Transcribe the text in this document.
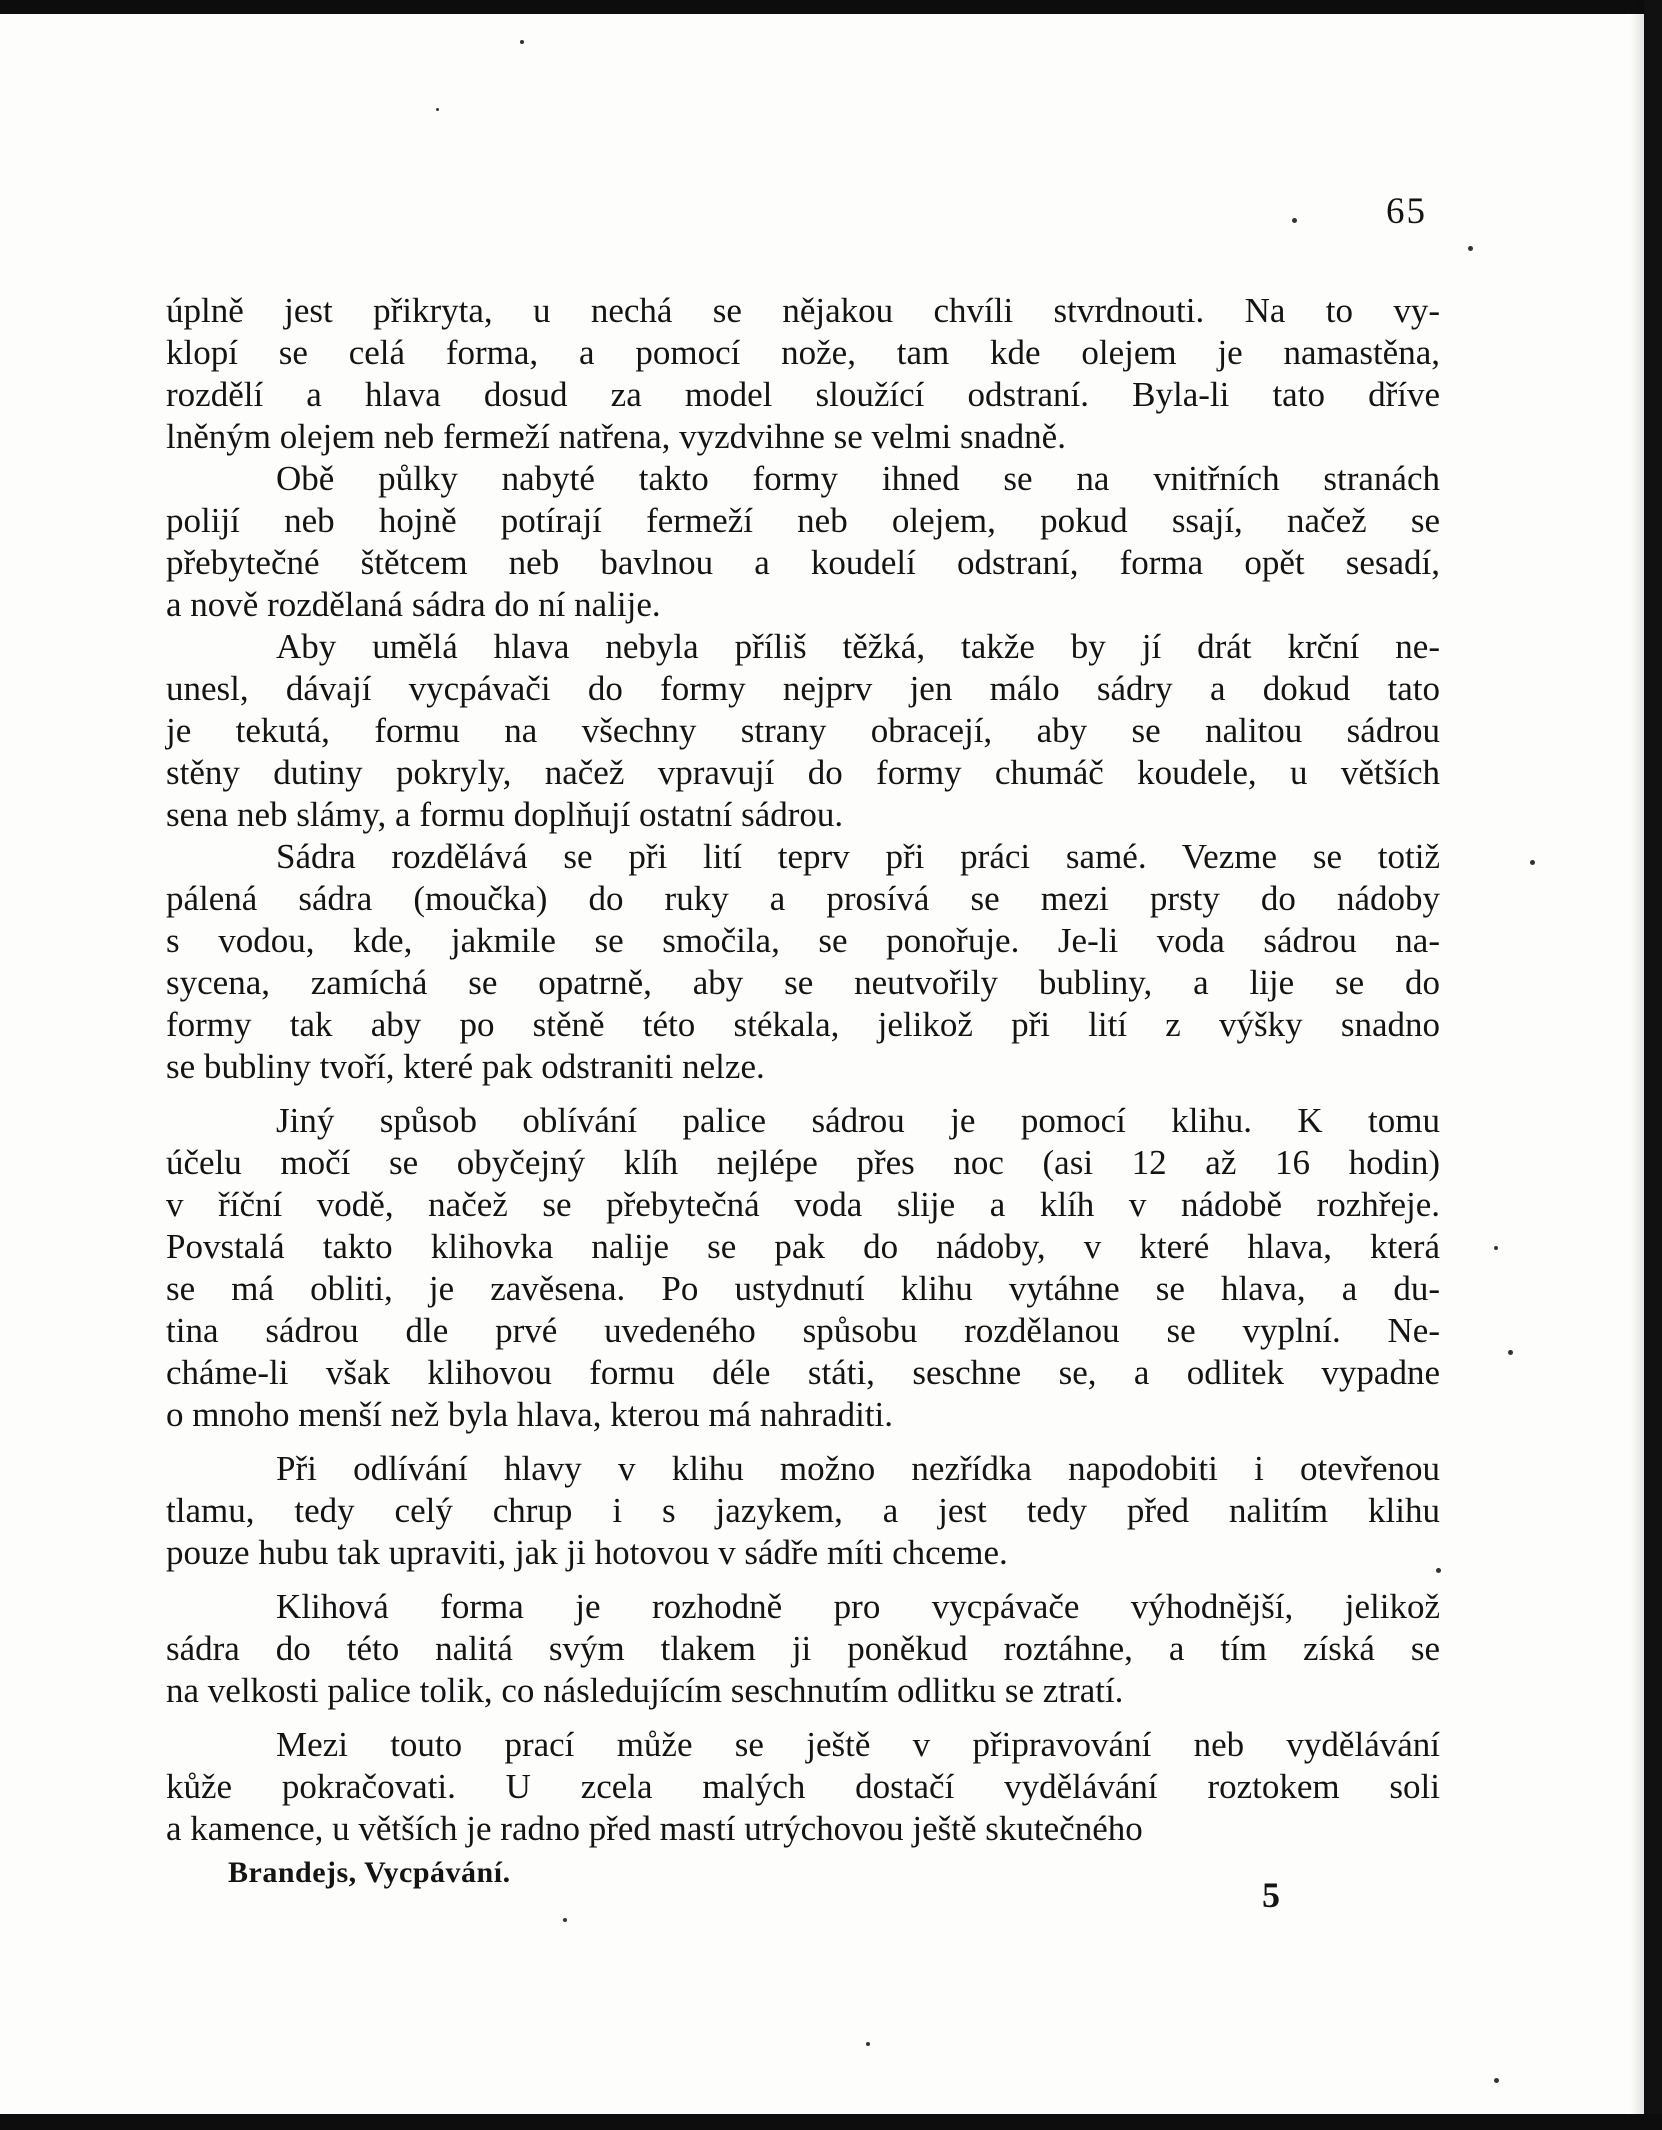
65
úplně jest přikryta, u nechá se nějakou chvíli stvrdnouti. Na to vy-
klopí se celá forma, a pomocí nože, tam kde olejem je namastěna,
rozdělí a hlava dosud za model sloužící odstraní. Byla-li tato dříve
lněným olejem neb fermeží natřena, vyzdvihne se velmi snadně.
Obě půlky nabyté takto formy ihned se na vnitřních stranách
polijí neb hojně potírají fermeží neb olejem, pokud ssají, načež se
přebytečné štětcem neb bavlnou a koudelí odstraní, forma opět sesadí,
a nově rozdělaná sádra do ní nalije.
Aby umělá hlava nebyla příliš těžká, takže by jí drát krční ne-
unesl, dávají vycpávači do formy nejprv jen málo sádry a dokud tato
je tekutá, formu na všechny strany obracejí, aby se nalitou sádrou
stěny dutiny pokryly, načež vpravují do formy chumáč koudele, u větších
sena neb slámy, a formu doplňují ostatní sádrou.
Sádra rozdělává se při lití teprv při práci samé. Vezme se totiž
pálená sádra (moučka) do ruky a prosívá se mezi prsty do nádoby
s vodou, kde, jakmile se smočila, se ponořuje. Je-li voda sádrou na-
sycena, zamíchá se opatrně, aby se neutvořily bubliny, a lije se do
formy tak aby po stěně této stékala, jelikož při lití z výšky snadno
se bubliny tvoří, které pak odstraniti nelze.
Jiný spůsob oblívání palice sádrou je pomocí klihu. K tomu
účelu močí se obyčejný klíh nejlépe přes noc (asi 12 až 16 hodin)
v říční vodě, načež se přebytečná voda slije a klíh v nádobě rozhřeje.
Povstalá takto klihovka nalije se pak do nádoby, v které hlava, která
se má obliti, je zavěsena. Po ustydnutí klihu vytáhne se hlava, a du-
tina sádrou dle prvé uvedeného spůsobu rozdělanou se vyplní. Ne-
cháme-li však klihovou formu déle státi, seschne se, a odlitek vypadne
o mnoho menší než byla hlava, kterou má nahraditi.
Při odlívání hlavy v klihu možno nezřídka napodobiti i otevřenou
tlamu, tedy celý chrup i s jazykem, a jest tedy před nalitím klihu
pouze hubu tak upraviti, jak ji hotovou v sádře míti chceme.
Klihová forma je rozhodně pro vycpávače výhodnější, jelikož
sádra do této nalitá svým tlakem ji poněkud roztáhne, a tím získá se
na velkosti palice tolik, co následujícím seschnutím odlitku se ztratí.
Mezi touto prací může se ještě v připravování neb vydělávání
kůže pokračovati. U zcela malých dostačí vydělávání roztokem soli
a kamence, u větších je radno před mastí utrýchovou ještě skutečného
Brandejs, Vycpávání.
5
